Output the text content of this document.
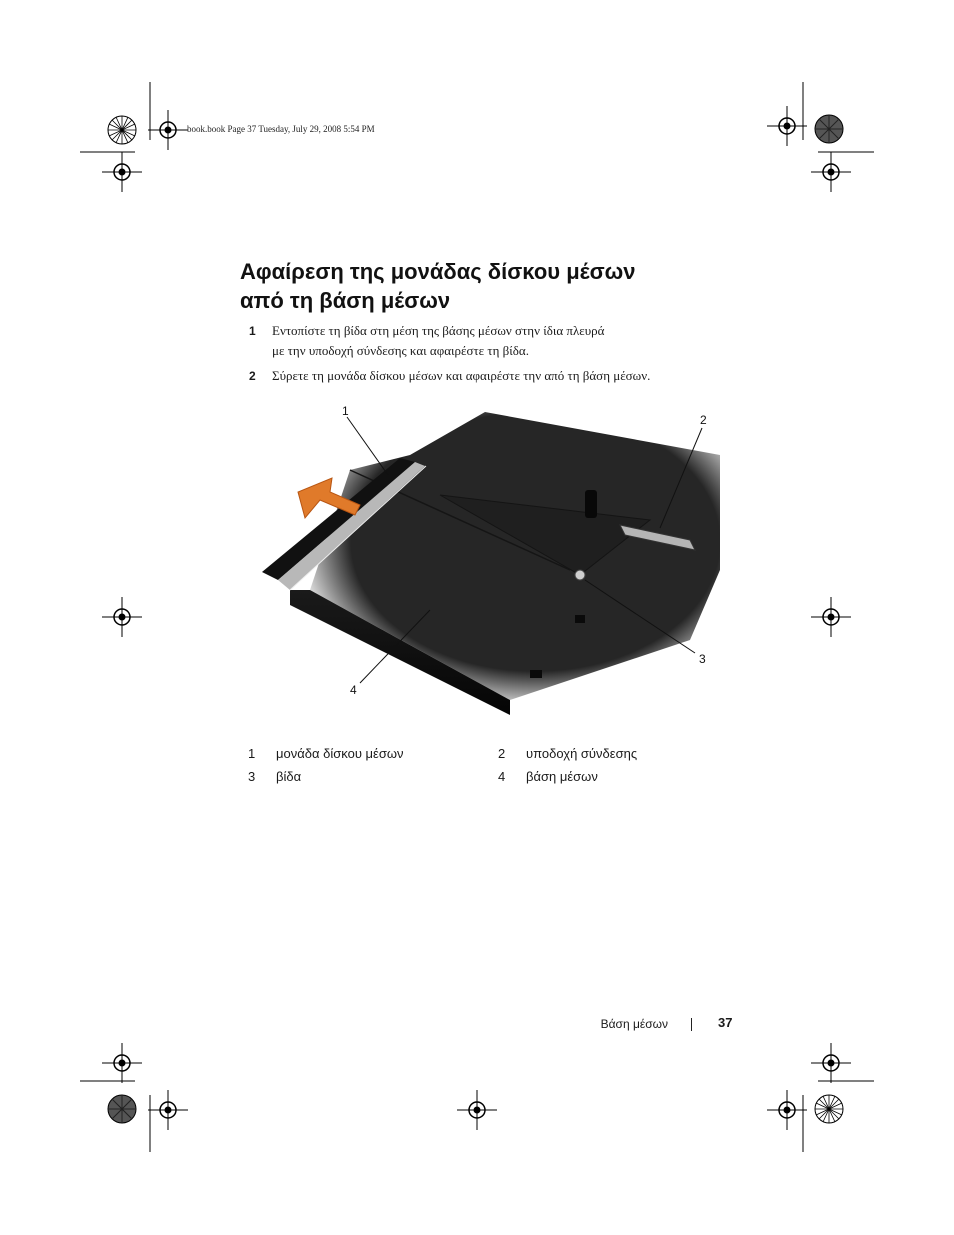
book.book Page 37 Tuesday, July 29, 2008 5:54 PM
Αφαίρεση της μονάδας δίσκου μέσων
από τη βάση μέσων
1 Εντοπίστε τη βίδα στη μέση της βάσης μέσων στην ίδια πλευρά
με την υποδοχή σύνδεσης και αφαιρέστε τη βίδα.
2 Σύρετε τη μονάδα δίσκου μέσων και αφαιρέστε την από τη βάση μέσων.
1
2
3
4
1 μονάδα δίσκου μέσων	2 υποδοχή σύνδεσης
3 βίδα	4 βάση μέσων
Βάση μέσων	37
